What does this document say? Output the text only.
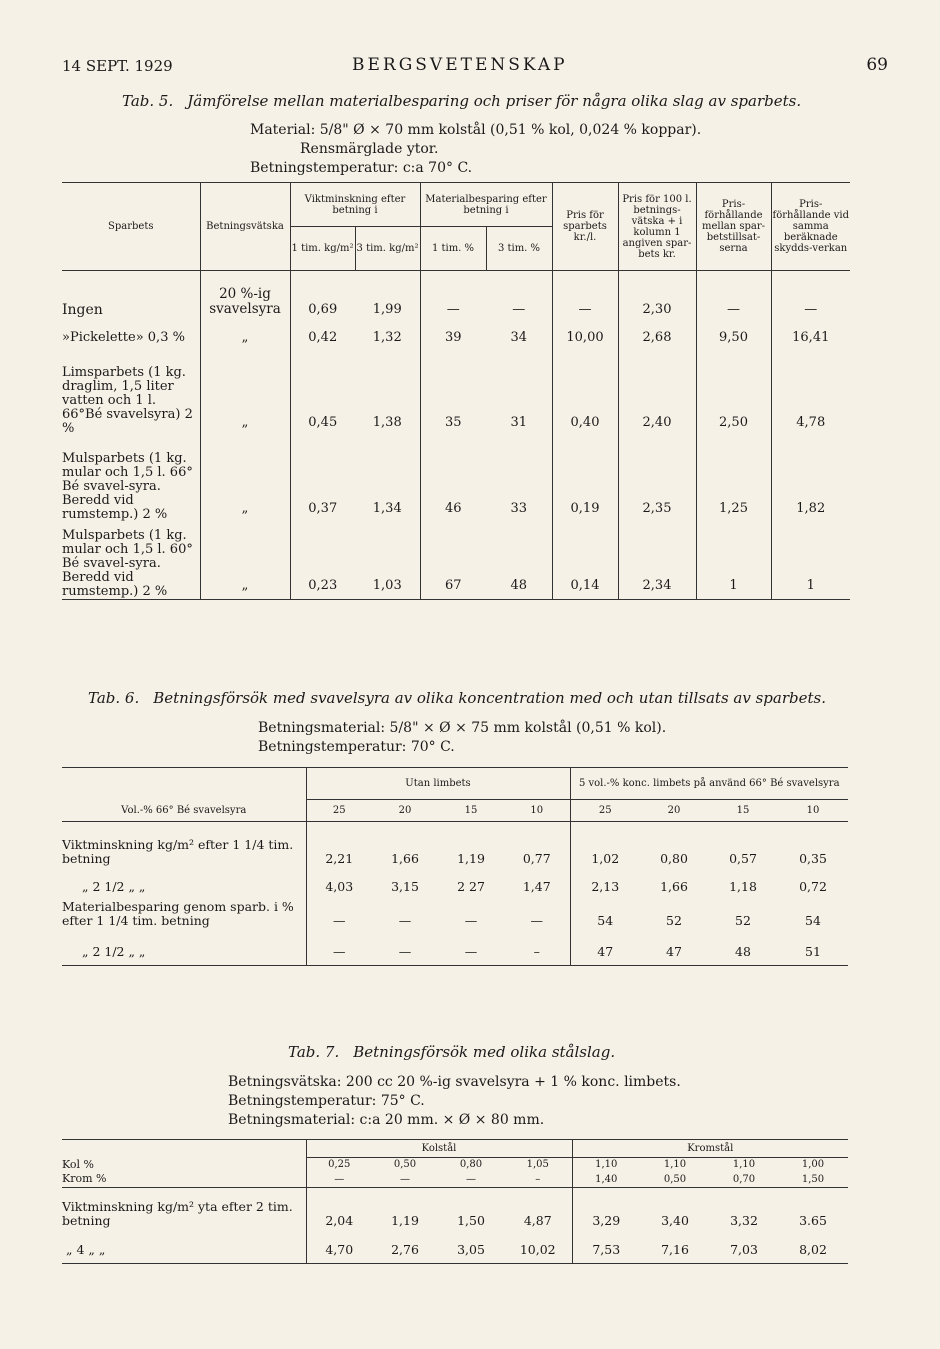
14 SEPT. 1929	BERGSVETENSKAP	69
Tab. 5. Jämförelse mellan materialbesparing och priser för några olika slag av sparbets.
Material: 5/8" Ø × 70 mm kolstål (0,51 % kol, 0,024 % koppar).
Rensmärglade ytor.
Betningstemperatur: c:a 70° C.
Sparbets	Betningsvätska	Viktminskning efter betning i		Materialbesparing efter betning i		Pris för sparbets kr./l.	Pris för 100 l. betnings-vätska + i kolumn 1 angiven spar-bets kr.	Pris-förhållande mellan spar-betstillsat-serna	Pris-förhållande vid samma beräknade skydds-verkan
		1 tim. kg/m²	3 tim. kg/m²	1 tim. %	3 tim. %				
Ingen	20 %-ig svavelsyra	0,69	1,99	—	—	—	2,30	—	—
»Pickelette» 0,3 %	„	0,42	1,32	39	34	10,00	2,68	9,50	16,41
Limsparbets (1 kg. draglim, 1,5 liter vatten och 1 l. 66°Bé svavelsyra) 2 %	„	0,45	1,38	35	31	0,40	2,40	2,50	4,78
Mulsparbets (1 kg. mular och 1,5 l. 66° Bé svavel-syra. Beredd vid rumstemp.) 2 %	„	0,37	1,34	46	33	0,19	2,35	1,25	1,82
Mulsparbets (1 kg. mular och 1,5 l. 60° Bé svavel-syra. Beredd vid rumstemp.) 2 %	„	0,23	1,03	67	48	0,14	2,34	1	1
Tab. 6. Betningsförsök med svavelsyra av olika koncentration med och utan tillsats av sparbets.
Betningsmaterial: 5/8" × Ø × 75 mm kolstål (0,51 % kol).
Betningstemperatur: 70° C.
	Utan limbets				5 vol.-% konc. limbets på använd 66° Bé svavelsyra			
Vol.-% 66° Bé svavelsyra	25	20	15	10	25	20	15	10
Viktminskning kg/m² efter 1 1/4 tim. betning	2,21	1,66	1,19	0,77	1,02	0,80	0,57	0,35
„ 2 1/2 „ „	4,03	3,15	2 27	1,47	2,13	1,66	1,18	0,72
Materialbesparing genom sparb. i % efter 1 1/4 tim. betning	—	—	—	—	54	52	52	54
„ 2 1/2 „ „	—	—	—	–	47	47	48	51
Tab. 7. Betningsförsök med olika stålslag.
Betningsvätska: 200 cc 20 %-ig svavelsyra + 1 % konc. limbets.
Betningstemperatur: 75° C.
Betningsmaterial: c:a 20 mm. × Ø × 80 mm.
	Kolstål				Kromstål			
Kol %	0,25	0,50	0,80	1,05	1,10	1,10	1,10	1,00
Krom %	—	—	—	–	1,40	0,50	0,70	1,50
Viktminskning kg/m² yta efter 2 tim. betning	2,04	1,19	1,50	4,87	3,29	3,40	3,32	3.65
„ 4 „ „	4,70	2,76	3,05	10,02	7,53	7,16	7,03	8,02
